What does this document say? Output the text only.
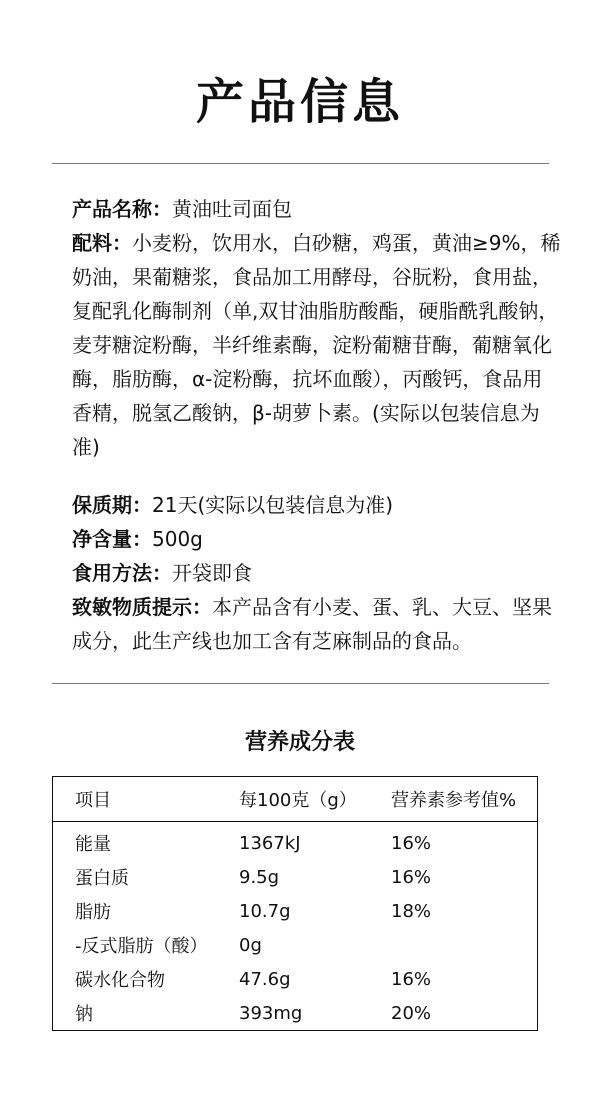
产品信息

产品名称：黄油吐司面包

配料：小麦粉，饮用水，白砂糖，鸡蛋，黄油≥9%，稀奶油，果葡糖浆，食品加工用酵母，谷朊粉，食用盐，复配乳化酶制剂（单,双甘油脂肪酸酯，硬脂酰乳酸钠，麦芽糖淀粉酶，半纤维素酶，淀粉葡糖苷酶，葡糖氧化酶，脂肪酶，α-淀粉酶，抗坏血酸），丙酸钙，食品用香精，脱氢乙酸钠，β-胡萝卜素。(实际以包装信息为准)

保质期：21天(实际以包装信息为准)

净含量：500g

食用方法：开袋即食

致敏物质提示：本产品含有小麦、蛋、乳、大豆、坚果成分，此生产线也加工含有芝麻制品的食品。

营养成分表
项目	每100克（g）	营养素参考值%
能量	1367kJ	16%
蛋白质	9.5g	16%
脂肪	10.7g	18%
-反式脂肪（酸）	0g	
碳水化合物	47.6g	16%
钠	393mg	20%
